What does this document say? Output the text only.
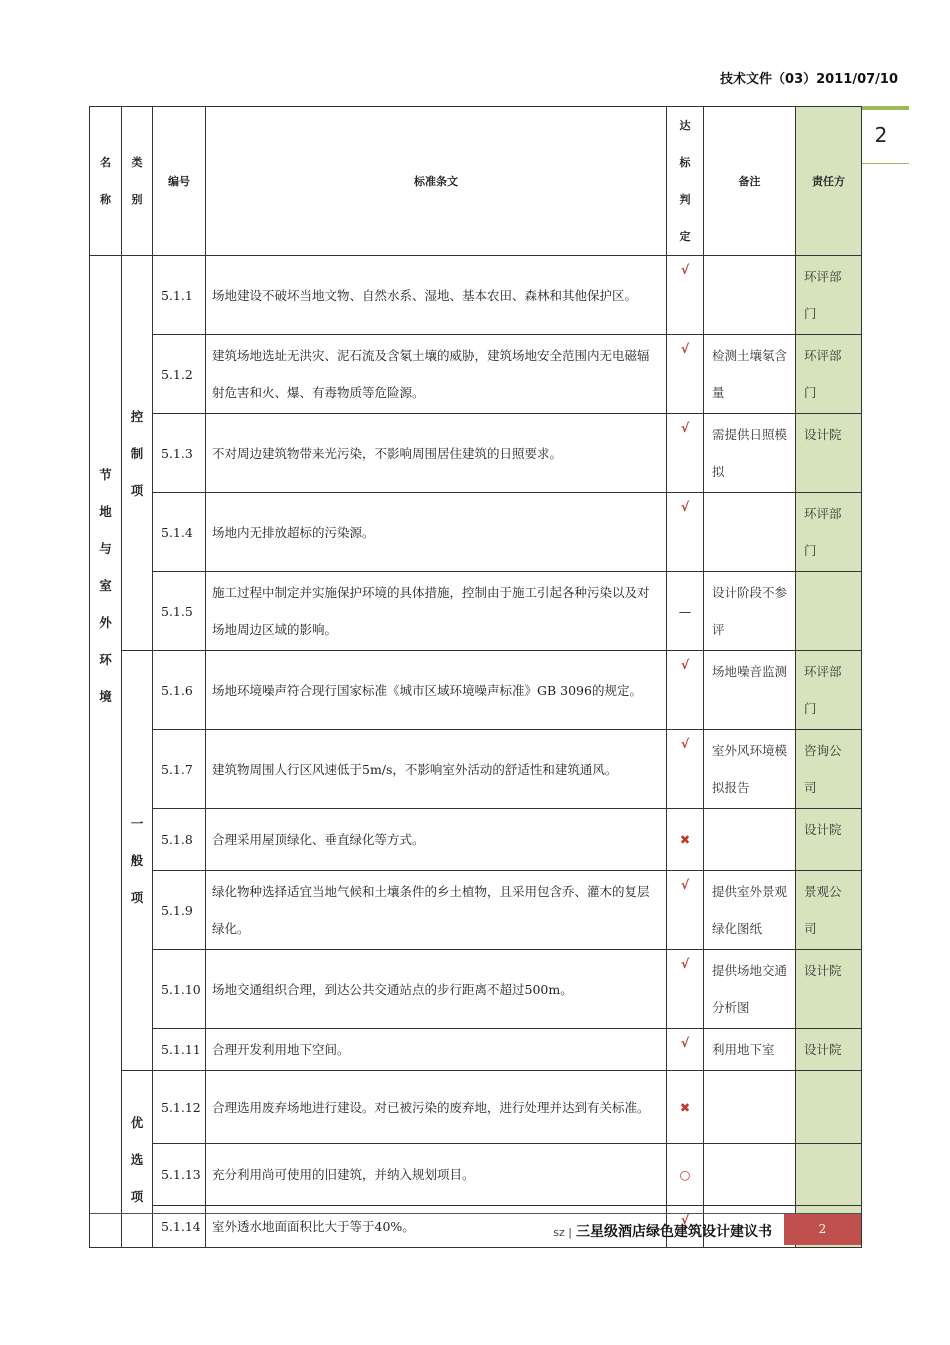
技术文件（03）2011/07/10
2
名称	类别	编号	标准条文	达标判定	备注	责任方

节地与室外环境	控制项	5.1.1	场地建设不破坏当地文物、自然水系、湿地、基本农田、森林和其他保护区。	√		环评部门
		5.1.2	建筑场地选址无洪灾、泥石流及含氡土壤的威胁，建筑场地安全范围内无电磁辐射危害和火、爆、有毒物质等危险源。	√	检测土壤氡含量	环评部门
		5.1.3	不对周边建筑物带来光污染，不影响周围居住建筑的日照要求。	√	需提供日照模拟	设计院
		5.1.4	场地内无排放超标的污染源。	√		环评部门
		5.1.5	施工过程中制定并实施保护环境的具体措施，控制由于施工引起各种污染以及对场地周边区域的影响。	—	设计阶段不参评	

	一般项	5.1.6	场地环境噪声符合现行国家标准《城市区域环境噪声标准》GB 3096的规定。	√	场地噪音监测	环评部门
		5.1.7	建筑物周围人行区风速低于5m/s，不影响室外活动的舒适性和建筑通风。	√	室外风环境模拟报告	咨询公司
		5.1.8	合理采用屋顶绿化、垂直绿化等方式。	✖		设计院
		5.1.9	绿化物种选择适宜当地气候和土壤条件的乡土植物，且采用包含乔、灌木的复层绿化。	√	提供室外景观绿化图纸	景观公司
		5.1.10	场地交通组织合理，到达公共交通站点的步行距离不超过500m。	√	提供场地交通分析图	设计院
		5.1.11	合理开发利用地下空间。	√	利用地下室	设计院

	优选项	5.1.12	合理选用废弃场地进行建设。对已被污染的废弃地，进行处理并达到有关标准。	✖		
		5.1.13	充分利用尚可使用的旧建筑，并纳入规划项目。	○		
		5.1.14	室外透水地面面积比大于等于40%。	√		
sz | 三星级酒店绿色建筑设计建议书	2
